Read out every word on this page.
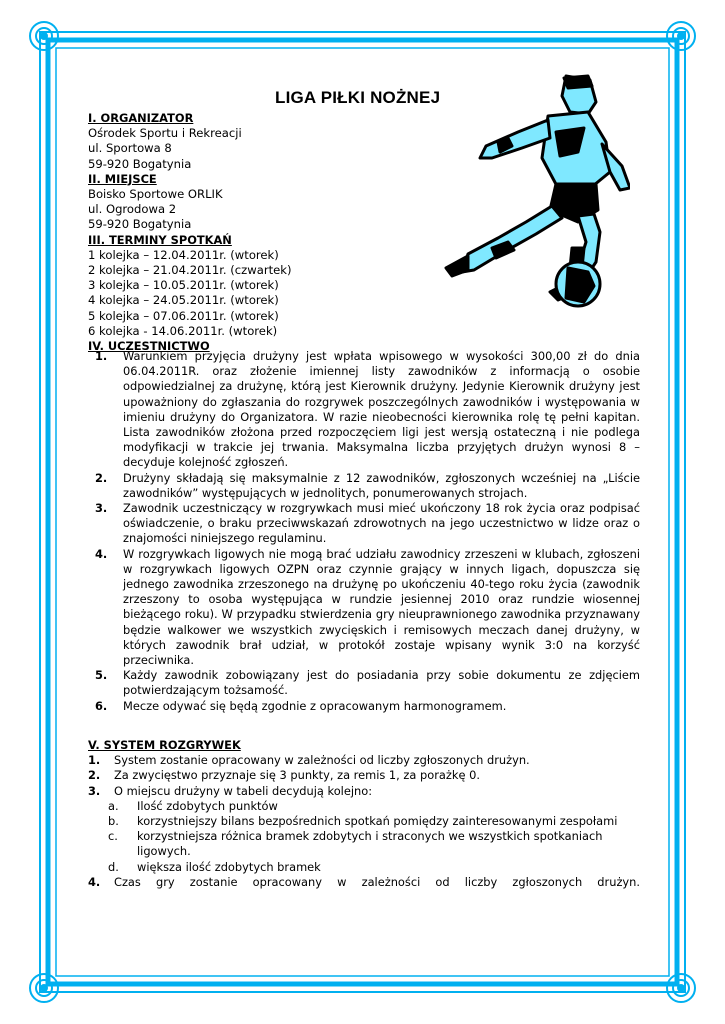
LIGA PIŁKI NOŻNEJ
I. ORGANIZATOR
Ośrodek Sportu i Rekreacji
ul. Sportowa 8
59-920 Bogatynia
II. MIEJSCE
Boisko Sportowe ORLIK
ul. Ogrodowa 2
59-920 Bogatynia
III. TERMINY SPOTKAŃ
1 kolejka – 12.04.2011r. (wtorek)
2 kolejka – 21.04.2011r. (czwartek)
3 kolejka – 10.05.2011r. (wtorek)
4 kolejka – 24.05.2011r. (wtorek)
5 kolejka – 07.06.2011r. (wtorek)
6 kolejka - 14.06.2011r. (wtorek)
IV. UCZESTNICTWO
1. Warunkiem przyjęcia drużyny jest wpłata wpisowego w wysokości 300,00 zł do dnia 06.04.2011R. oraz złożenie imiennej listy zawodników z informacją o osobie odpowiedzialnej za drużynę, którą jest Kierownik drużyny. Jedynie Kierownik drużyny jest upoważniony do zgłaszania do rozgrywek poszczególnych zawodników i występowania w imieniu drużyny do Organizatora. W razie nieobecności kierownika rolę tę pełni kapitan. Lista zawodników złożona przed rozpoczęciem ligi jest wersją ostateczną i nie podlega modyfikacji w trakcie jej trwania. Maksymalna liczba przyjętych drużyn wynosi 8 – decyduje kolejność zgłoszeń.
2. Drużyny składają się maksymalnie z 12 zawodników, zgłoszonych wcześniej na „Liście zawodników” występujących w jednolitych, ponumerowanych strojach.
3. Zawodnik uczestniczący w rozgrywkach musi mieć ukończony 18 rok życia oraz podpisać oświadczenie, o braku przeciwwskazań zdrowotnych na jego uczestnictwo w lidze oraz o znajomości niniejszego regulaminu.
4. W rozgrywkach ligowych nie mogą brać udziału zawodnicy zrzeszeni w klubach, zgłoszeni w rozgrywkach ligowych OZPN oraz czynnie grający w innych ligach, dopuszcza się jednego zawodnika zrzeszonego na drużynę po ukończeniu 40-tego roku życia (zawodnik zrzeszony to osoba występująca w rundzie jesiennej 2010 oraz rundzie wiosennej bieżącego roku). W przypadku stwierdzenia gry nieuprawnionego zawodnika przyznawany będzie walkower we wszystkich zwycięskich i remisowych meczach danej drużyny, w których zawodnik brał udział, w protokół zostaje wpisany wynik 3:0 na korzyść przeciwnika.
5. Każdy zawodnik zobowiązany jest do posiadania przy sobie dokumentu ze zdjęciem potwierdzającym tożsamość.
6. Mecze odywać się będą zgodnie z opracowanym harmonogramem.
V. SYSTEM ROZGRYWEK
1. System zostanie opracowany w zależności od liczby zgłoszonych drużyn.
2. Za zwycięstwo przyznaje się 3 punkty, za remis 1, za porażkę 0.
3. O miejscu drużyny w tabeli decydują kolejno:
a. Ilość zdobytych punktów
b. korzystniejszy bilans bezpośrednich spotkań pomiędzy zainteresowanymi zespołami
c. korzystniejsza różnica bramek zdobytych i straconych we wszystkich spotkaniach ligowych.
d. większa ilość zdobytych bramek
4. Czas gry zostanie opracowany w zależności od liczby zgłoszonych drużyn.
